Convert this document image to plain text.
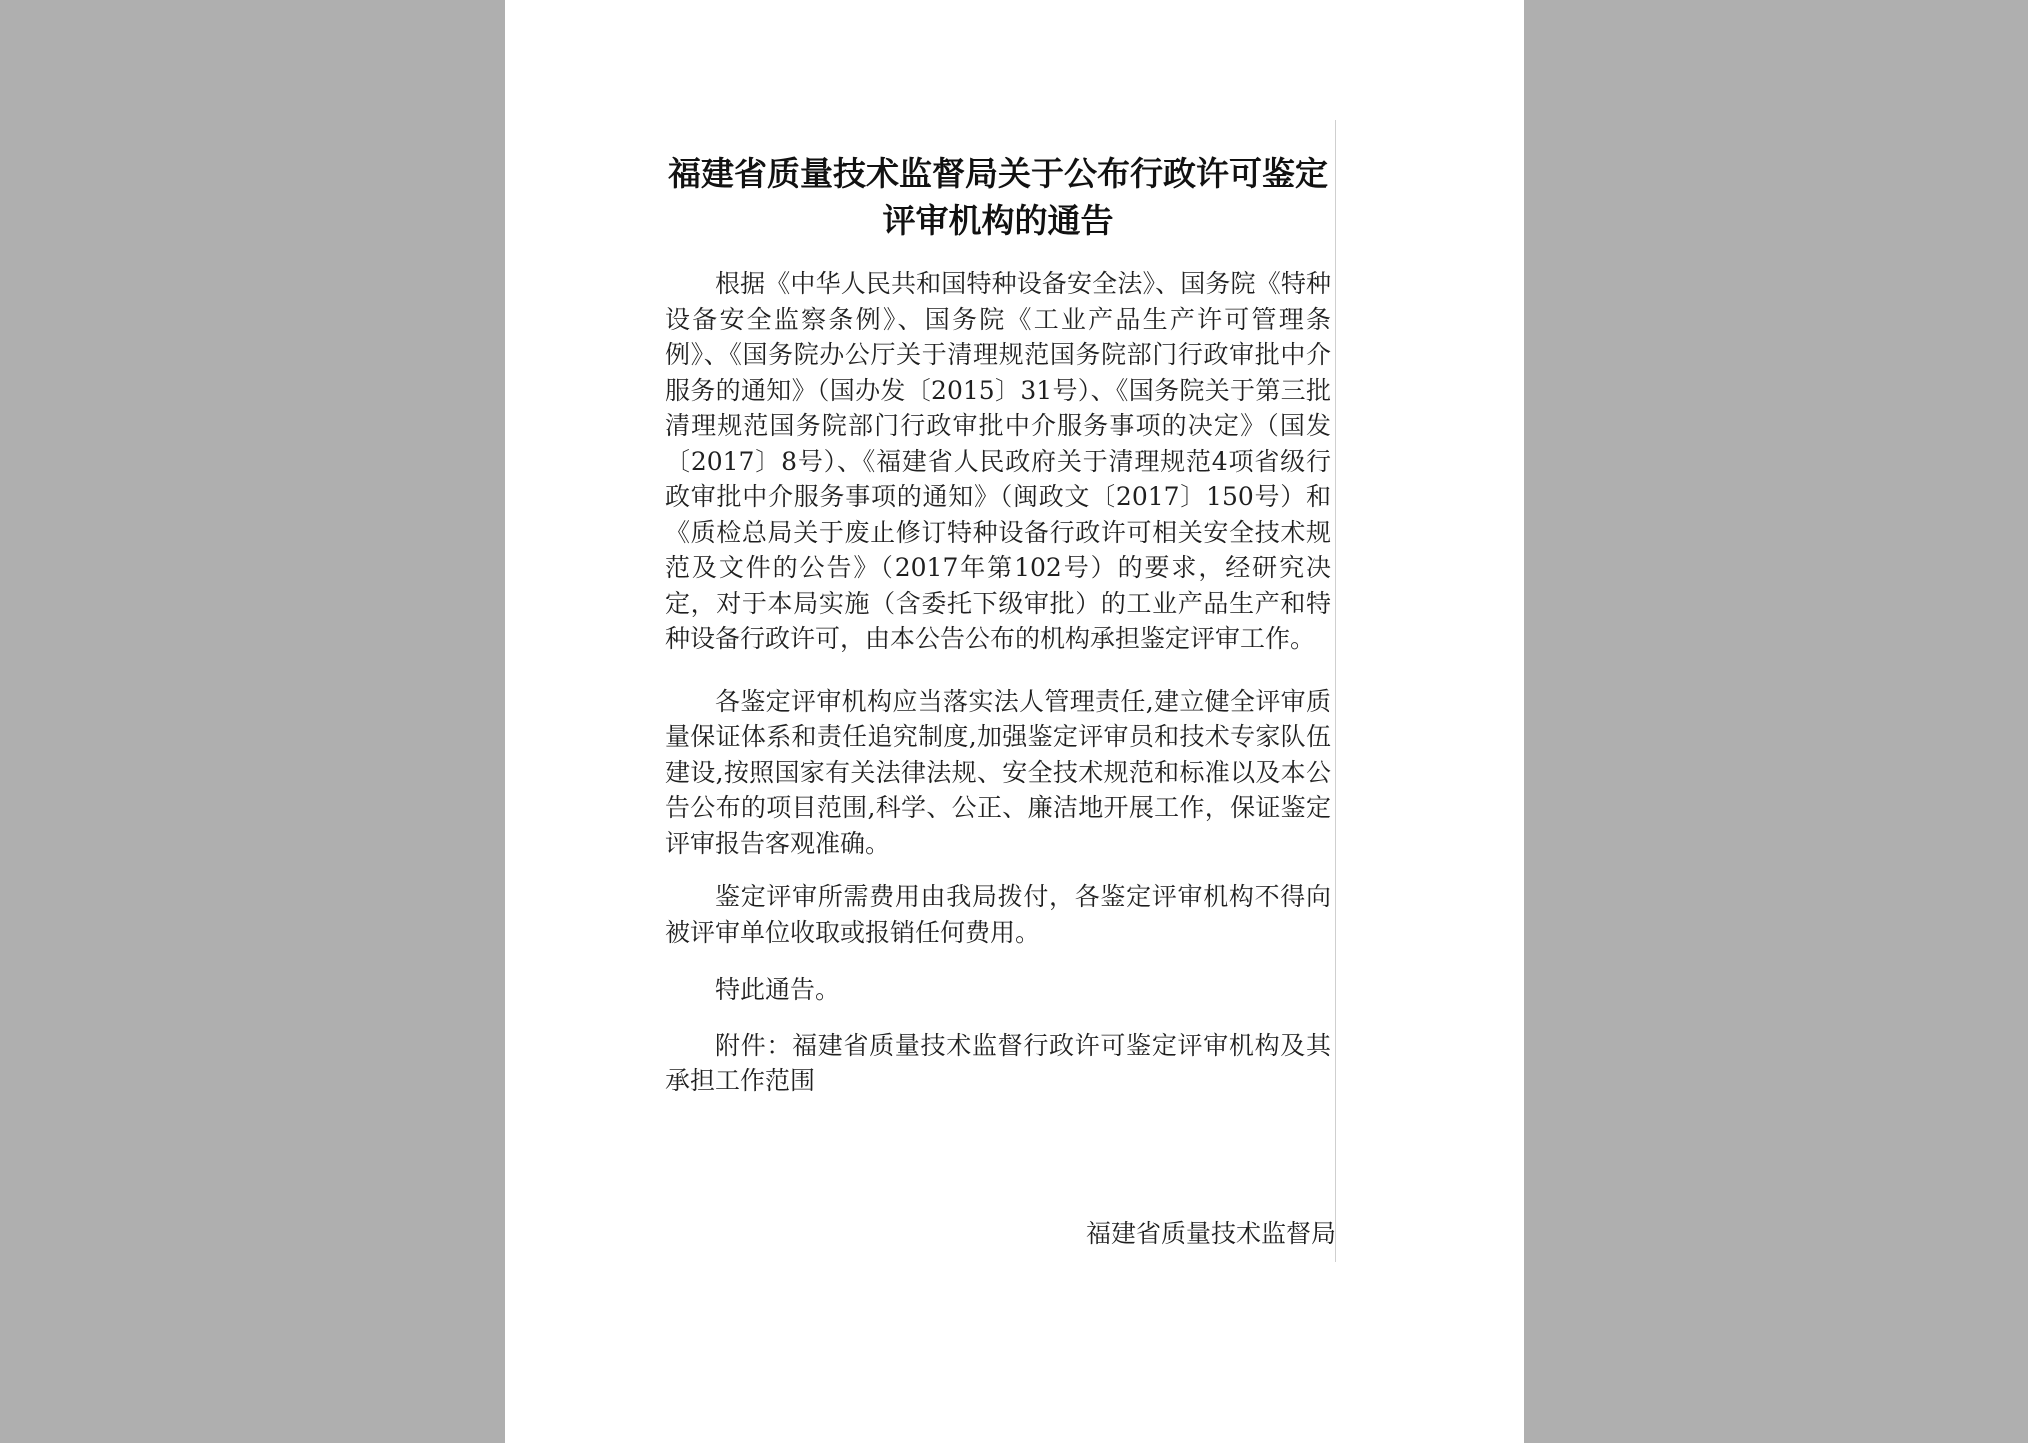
福建省质量技术监督局关于公布行政许可鉴定评审机构的通告

根据《中华人民共和国特种设备安全法》、国务院《特种设备安全监察条例》、国务院《工业产品生产许可管理条例》、《国务院办公厅关于清理规范国务院部门行政审批中介服务的通知》（国办发〔2015〕31号）、《国务院关于第三批清理规范国务院部门行政审批中介服务事项的决定》（国发〔2017〕8号）、《福建省人民政府关于清理规范4项省级行政审批中介服务事项的通知》（闽政文〔2017〕150号）和《质检总局关于废止修订特种设备行政许可相关安全技术规范及文件的公告》（2017年第102号）的要求，经研究决定，对于本局实施（含委托下级审批）的工业产品生产和特种设备行政许可，由本公告公布的机构承担鉴定评审工作。

各鉴定评审机构应当落实法人管理责任,建立健全评审质量保证体系和责任追究制度,加强鉴定评审员和技术专家队伍建设,按照国家有关法律法规、安全技术规范和标准以及本公告公布的项目范围,科学、公正、廉洁地开展工作，保证鉴定评审报告客观准确。

鉴定评审所需费用由我局拨付，各鉴定评审机构不得向被评审单位收取或报销任何费用。

特此通告。

附件：福建省质量技术监督行政许可鉴定评审机构及其承担工作范围

福建省质量技术监督局
